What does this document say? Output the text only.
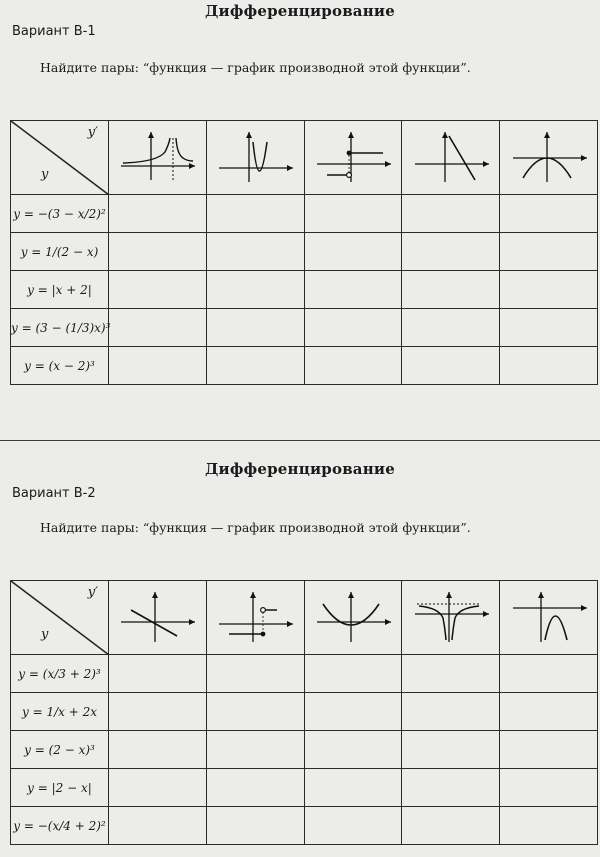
Дифференцирование
Вариант В-1
Найдите пары: “функция — график производной этой функции”.
y′
y

y = −(3 − x/2)²					
y = 1/(2 − x)					
y = |x + 2|					
y = (3 − (1/3)x)³					
y = (x − 2)³					
Дифференцирование
Вариант В-2
Найдите пары: “функция — график производной этой функции”.
y′
y

y = (x/3 + 2)³					
y = 1/x + 2x					
y = (2 − x)³					
y = |2 − x|					
y = −(x/4 + 2)²					
